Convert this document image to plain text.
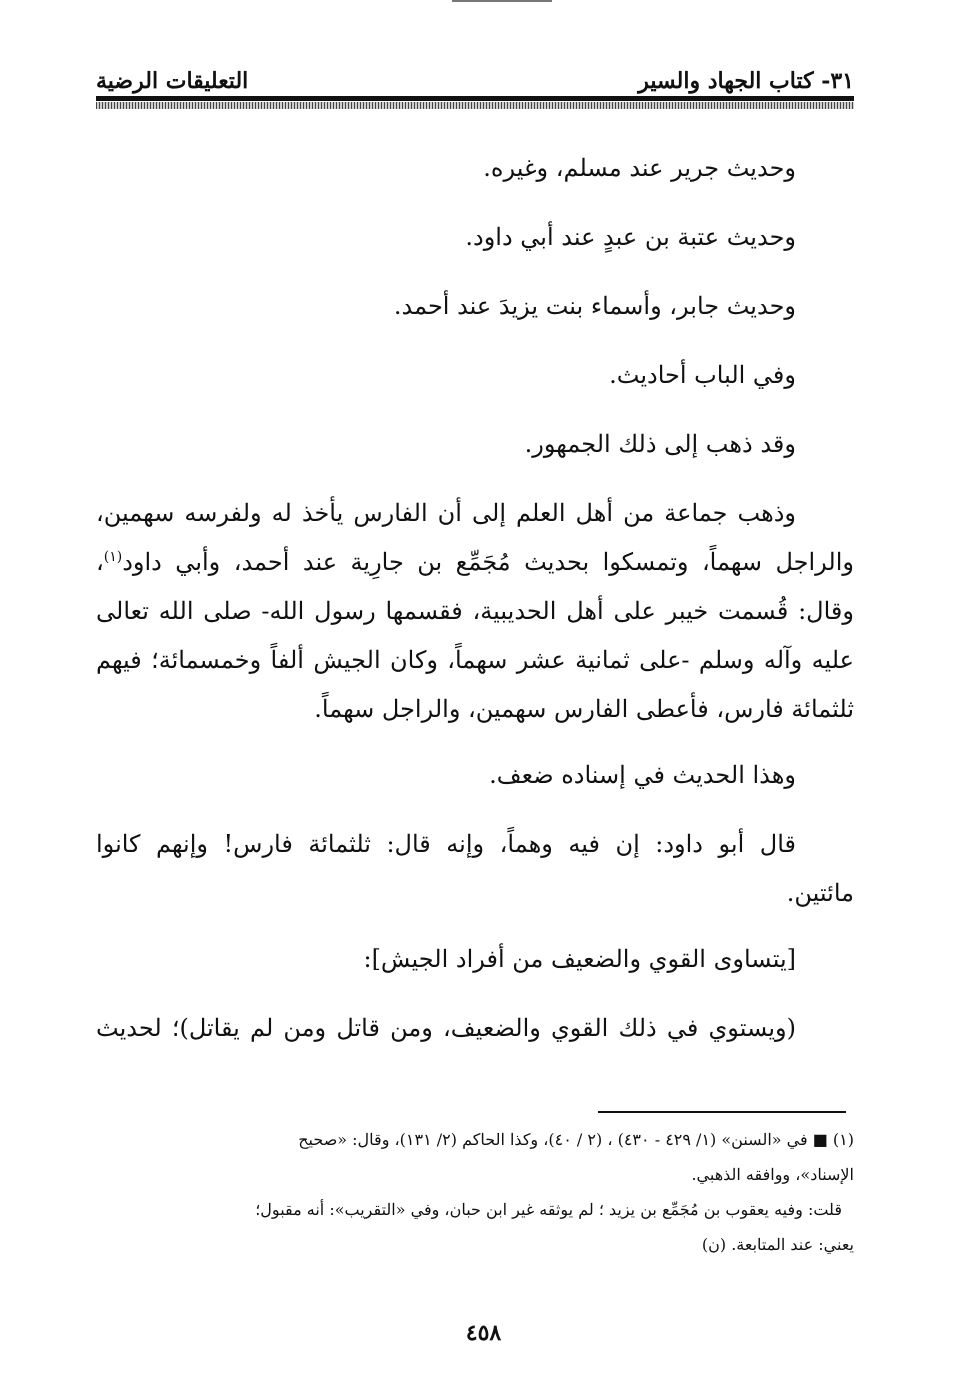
٣١- كتاب الجهاد والسير
التعليقات الرضية
وحديث جرير عند مسلم، وغيره.
وحديث عتبة بن عبدٍ عند أبي داود.
وحديث جابر، وأسماء بنت يزيدَ عند أحمد.
وفي الباب أحاديث.
وقد ذهب إلى ذلك الجمهور.
وذهب جماعة من أهل العلم إلى أن الفارس يأخذ له ولفرسه سهمين،
والراجل سهماً، وتمسكوا بحديث مُجَمِّع بن جارِية عند أحمد، وأبي داود$^{(١)}$،
وقال: قُسمت خيبر على أهل الحديبية، فقسمها رسول الله- صلى الله تعالى
عليه وآله وسلم -على ثمانية عشر سهماً، وكان الجيش ألفاً وخمسمائة؛ فيهم
ثلثمائة فارس، فأعطى الفارس سهمين، والراجل سهماً.
وهذا الحديث في إسناده ضعف.
قال أبو داود: إن فيه وهماً، وإنه قال: ثلثمائة فارس! وإنهم كانوا
مائتين.
[يتساوى القوي والضعيف من أفراد الجيش]:
(ويستوي في ذلك القوي والضعيف، ومن قاتل ومن لم يقاتل)؛ لحديث
(١) ■ في «السنن» (١/ ٤٢٩ - ٤٣٠) ، (٢ / ٤٠)، وكذا الحاكم (٢/ ١٣١)، وقال: «صحيح
الإسناد»، ووافقه الذهبي.
قلت: وفيه يعقوب بن مُجَمِّع بن يزيد ؛ لم يوثقه غير ابن حبان، وفي «التقريب»: أنه مقبول؛
يعني: عند المتابعة. (ن)
٤٥٨
